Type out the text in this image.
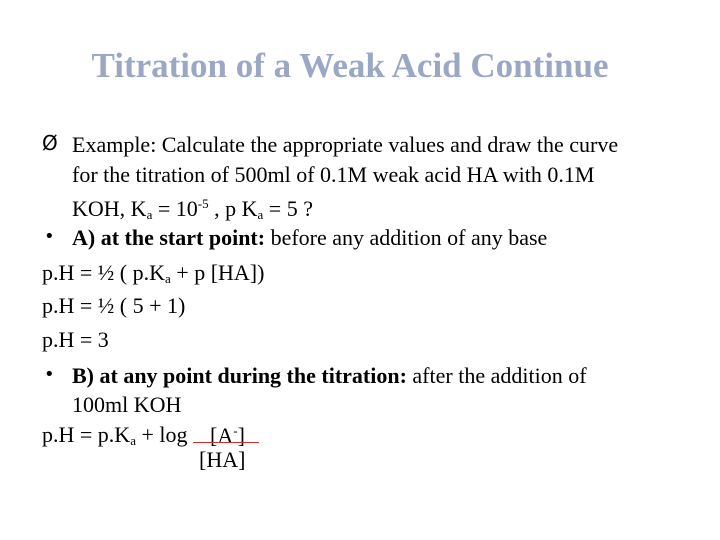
Titration of a Weak Acid Continue
Ø Example: Calculate the appropriate values and draw the curve
for the titration of 500ml of 0.1M weak acid HA with 0.1M
KOH, $K_a = 10^{-5}$ , p $K_a = 5$ ?
• A) at the start point: before any addition of any base
p.H = ½ ( $p.K_a + p$ [HA])
p.H = ½ ( 5 + 1)
p.H = 3
• B) at any point during the titration: after the addition of
100ml KOH
$p.H = p.K_a + \log [A^-]$
[HA]
